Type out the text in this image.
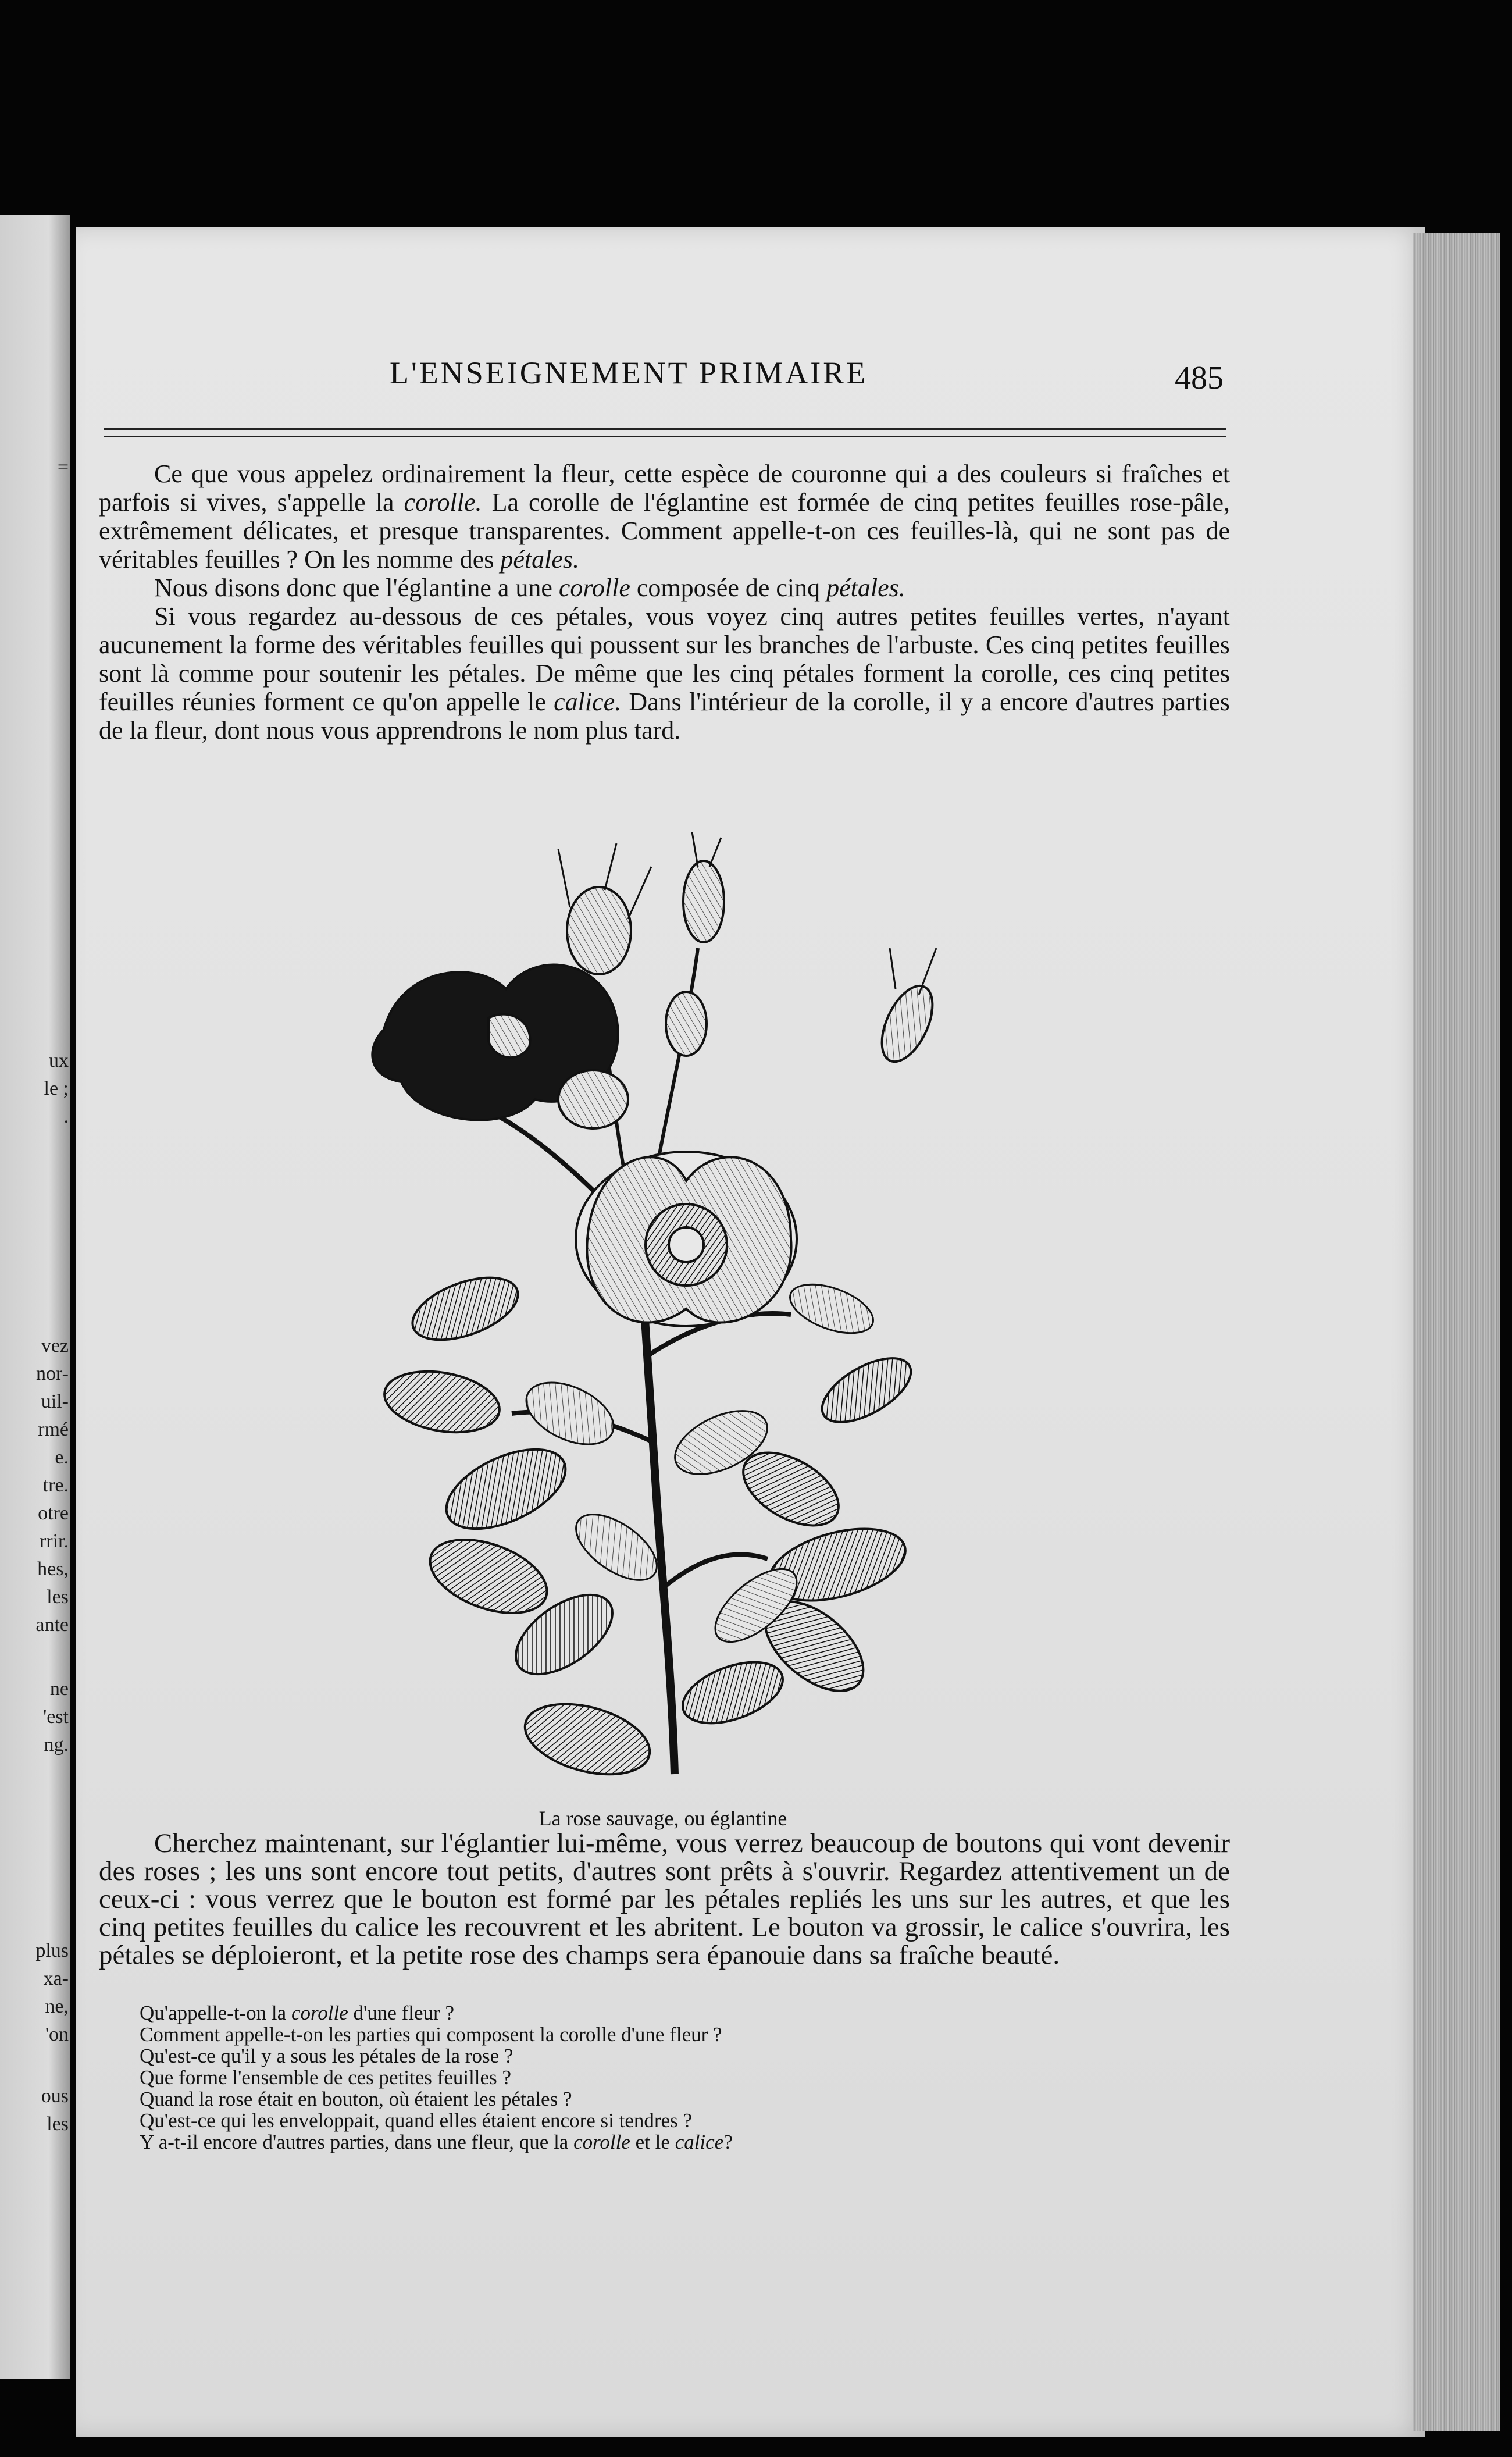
=
ux
le ;
.
vez
nor-
uil-
rmé
e.
tre.
otre
rrir.
hes,
les
ante
ne
'est
ng.
plus
xa-
ne,
'on
ous
les
L'ENSEIGNEMENT PRIMAIRE	485

Ce que vous appelez ordinairement la fleur, cette espèce de couronne qui a des couleurs si fraîches et parfois si vives, s'appelle la corolle. La corolle de l'églantine est formée de cinq petites feuilles rose-pâle, extrêmement délicates, et presque transparentes. Comment appelle-t-on ces feuilles-là, qui ne sont pas de véritables feuilles ? On les nomme des pétales.

Nous disons donc que l'églantine a une corolle composée de cinq pétales.

Si vous regardez au-dessous de ces pétales, vous voyez cinq autres petites feuilles vertes, n'ayant aucunement la forme des véritables feuilles qui poussent sur les branches de l'arbuste. Ces cinq petites feuilles sont là comme pour soutenir les pétales. De même que les cinq pétales forment la corolle, ces cinq petites feuilles réunies forment ce qu'on appelle le calice. Dans l'intérieur de la corolle, il y a encore d'autres parties de la fleur, dont nous vous apprendrons le nom plus tard.

La rose sauvage, ou églantine

Cherchez maintenant, sur l'églantier lui-même, vous verrez beaucoup de boutons qui vont devenir des roses ; les uns sont encore tout petits, d'autres sont prêts à s'ouvrir. Regardez attentivement un de ceux-ci : vous verrez que le bouton est formé par les pétales repliés les uns sur les autres, et que les cinq petites feuilles du calice les recouvrent et les abritent. Le bouton va grossir, le calice s'ouvrira, les pétales se déploieront, et la petite rose des champs sera épanouie dans sa fraîche beauté.

Qu'appelle-t-on la corolle d'une fleur ?
Comment appelle-t-on les parties qui composent la corolle d'une fleur ?
Qu'est-ce qu'il y a sous les pétales de la rose ?
Que forme l'ensemble de ces petites feuilles ?
Quand la rose était en bouton, où étaient les pétales ?
Qu'est-ce qui les enveloppait, quand elles étaient encore si tendres ?
Y a-t-il encore d'autres parties, dans une fleur, que la corolle et le calice?
